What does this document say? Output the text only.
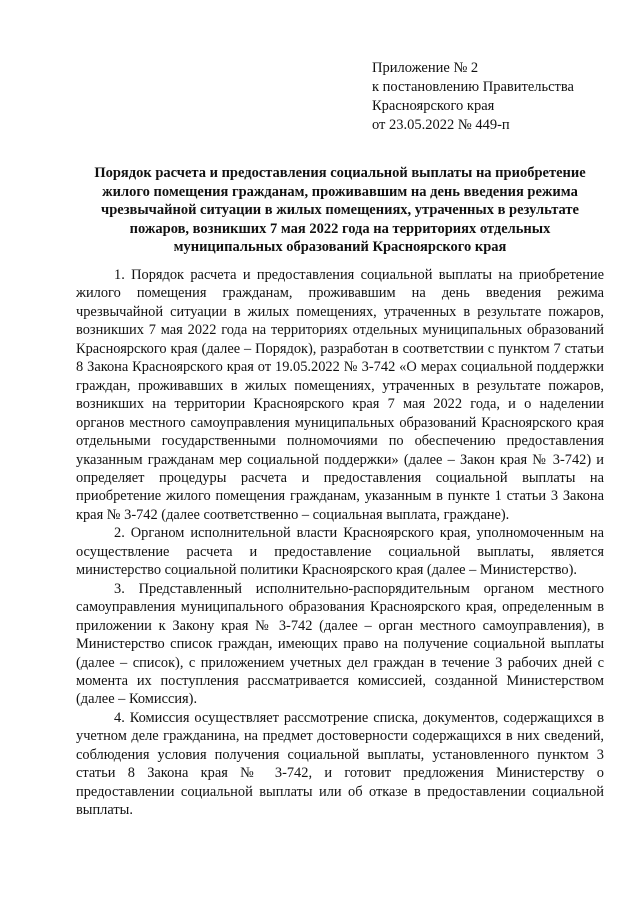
Приложение № 2
к постановлению Правительства
Красноярского края
от 23.05.2022 № 449-п
Порядок расчета и предоставления социальной выплаты на приобретение жилого помещения гражданам, проживавшим на день введения режима чрезвычайной ситуации в жилых помещениях, утраченных в результате пожаров, возникших 7 мая 2022 года на территориях отдельных муниципальных образований Красноярского края

1. Порядок расчета и предоставления социальной выплаты на приобретение жилого помещения гражданам, проживавшим на день введения режима чрезвычайной ситуации в жилых помещениях, утраченных в результате пожаров, возникших 7 мая 2022 года на территориях отдельных муниципальных образований Красноярского края (далее – Порядок), разработан в соответствии с пунктом 7 статьи 8 Закона Красноярского края от 19.05.2022 № 3-742 «О мерах социальной поддержки граждан, проживавших в жилых помещениях, утраченных в результате пожаров, возникших на территории Красноярского края 7 мая 2022 года, и о наделении органов местного самоуправления муниципальных образований Красноярского края отдельными государственными полномочиями по обеспечению предоставления указанным гражданам мер социальной поддержки» (далее – Закон края № 3-742) и определяет процедуры расчета и предоставления социальной выплаты на приобретение жилого помещения гражданам, указанным в пункте 1 статьи 3 Закона края № 3-742 (далее соответственно – социальная выплата, граждане).

2. Органом исполнительной власти Красноярского края, уполномоченным на осуществление расчета и предоставление социальной выплаты, является министерство социальной политики Красноярского края (далее – Министерство).

3. Представленный исполнительно-распорядительным органом местного самоуправления муниципального образования Красноярского края, определенным в приложении к Закону края № 3-742 (далее – орган местного самоуправления), в Министерство список граждан, имеющих право на получение социальной выплаты (далее – список), с приложением учетных дел граждан в течение 3 рабочих дней с момента их поступления рассматривается комиссией, созданной Министерством (далее – Комиссия).

4. Комиссия осуществляет рассмотрение списка, документов, содержащихся в учетном деле гражданина, на предмет достоверности содержащихся в них сведений, соблюдения условия получения социальной выплаты, установленного пунктом 3 статьи 8 Закона края № 3-742, и готовит предложения Министерству о предоставлении социальной выплаты или об отказе в предоставлении социальной выплаты.
